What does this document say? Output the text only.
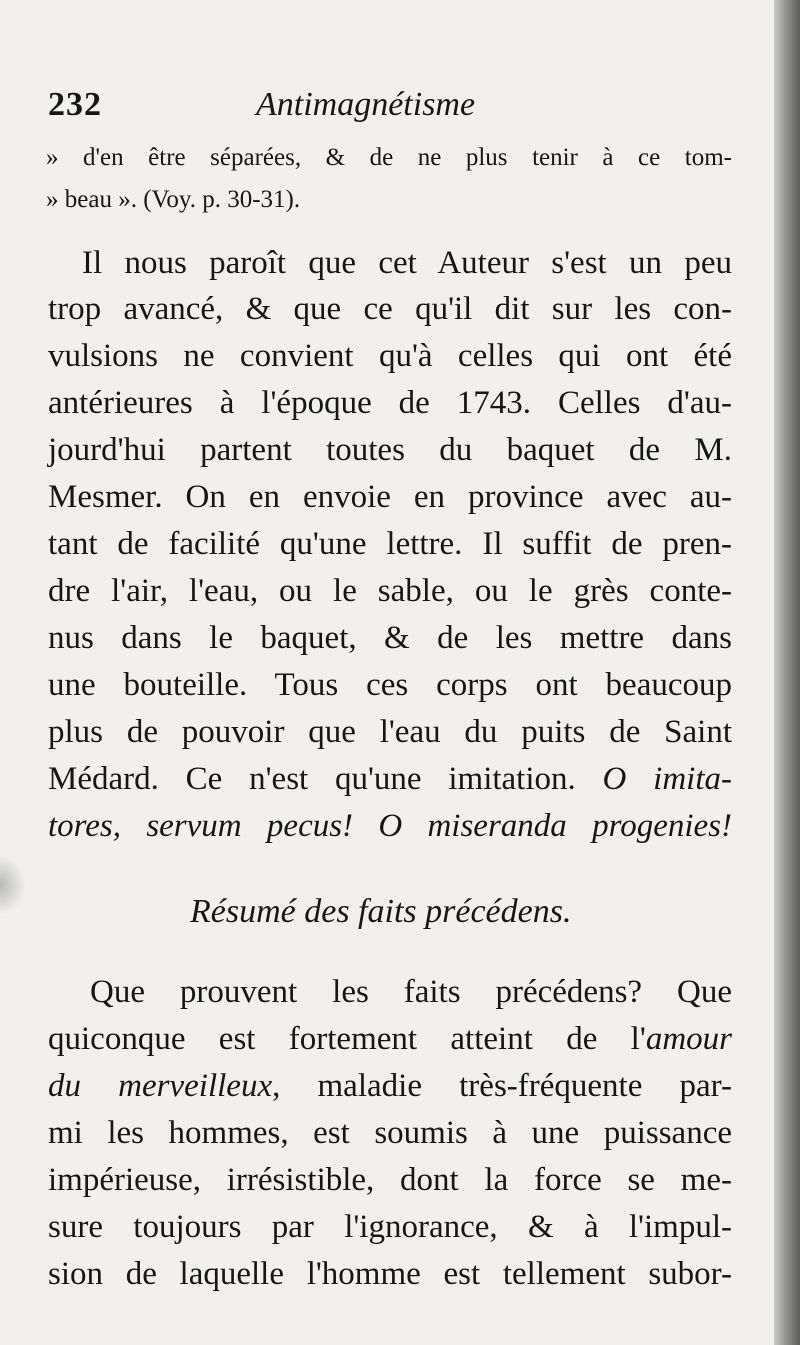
232	Antimagnétisme
» d'en être séparées, & de ne plus tenir à ce tom-
» beau ». (Voy. p. 30-31).
Il nous paroît que cet Auteur s'est un peu
trop avancé, & que ce qu'il dit sur les con-
vulsions ne convient qu'à celles qui ont été
antérieures à l'époque de 1743. Celles d'au-
jourd'hui partent toutes du baquet de M.
Mesmer. On en envoie en province avec au-
tant de facilité qu'une lettre. Il suffit de pren-
dre l'air, l'eau, ou le sable, ou le grès conte-
nus dans le baquet, & de les mettre dans
une bouteille. Tous ces corps ont beaucoup
plus de pouvoir que l'eau du puits de Saint
Médard. Ce n'est qu'une imitation. O imita-
tores, servum pecus! O miseranda progenies!
Résumé des faits précédens.
Que prouvent les faits précédens? Que
quiconque est fortement atteint de l'amour
du merveilleux, maladie très-fréquente par-
mi les hommes, est soumis à une puissance
impérieuse, irrésistible, dont la force se me-
sure toujours par l'ignorance, & à l'impul-
sion de laquelle l'homme est tellement subor-
